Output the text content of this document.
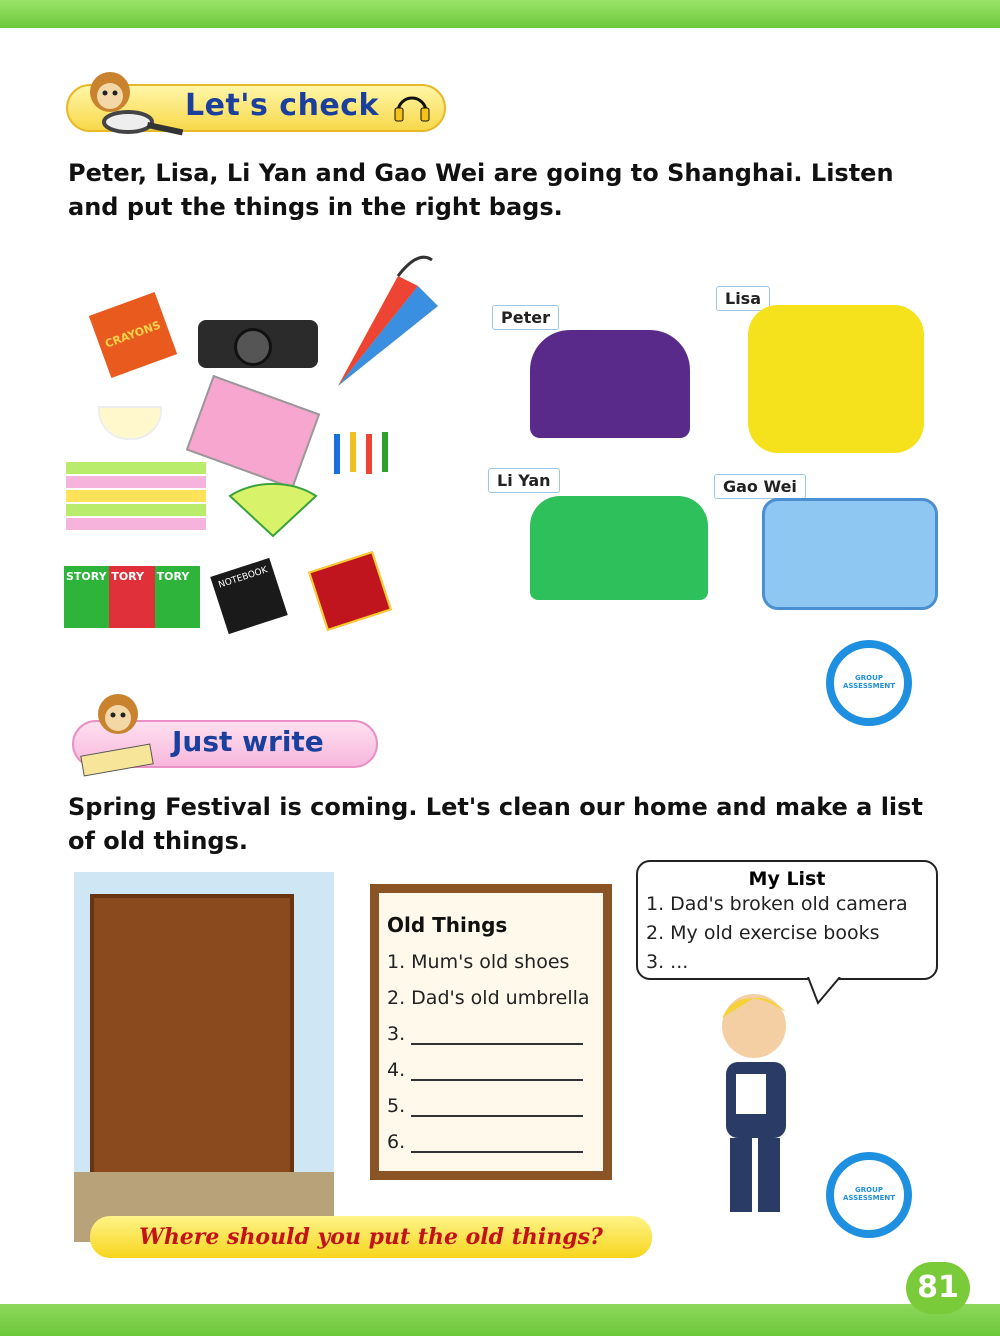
Let's check
Peter, Lisa, Li Yan and Gao Wei are going to Shanghai. Listen and put the things in the right bags.
CRAYONS
STORY TORY	TORY	NOTEBOOK
Peter
Lisa
Li Yan	Gao Wei
GROUP ASSESSMENT
Just write
Spring Festival is coming. Let's clean our home and make a list of old things.
Old Things
1. Mum's old shoes
2. Dad's old umbrella
3.
4.
5.
6.
My List
1. Dad's broken old camera
2. My old exercise books
3. ...
GROUP ASSESSMENT
Where should you put the old things?
81
